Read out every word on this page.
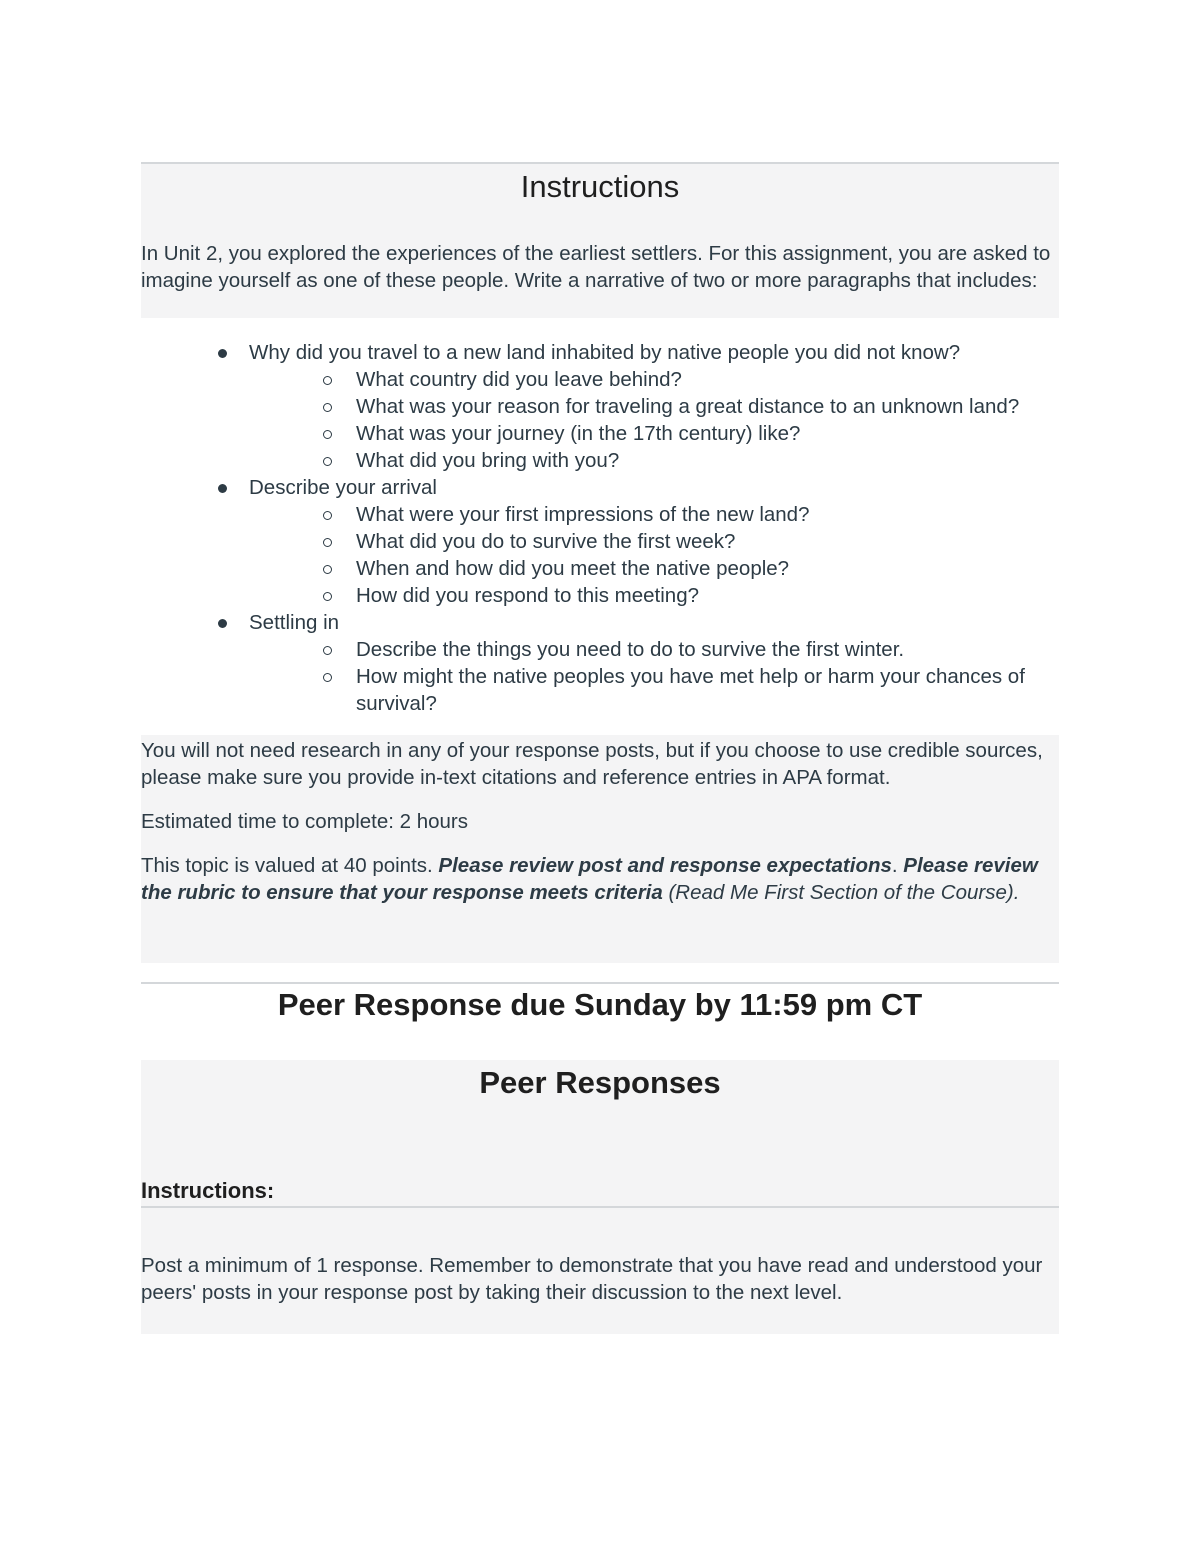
Instructions

In Unit 2, you explored the experiences of the earliest settlers. For this assignment, you are asked to imagine yourself as one of these people. Write a narrative of two or more paragraphs that includes:

Why did you travel to a new land inhabited by native people you did not know?
What country did you leave behind?
What was your reason for traveling a great distance to an unknown land?
What was your journey (in the 17th century) like?
What did you bring with you?
Describe your arrival
What were your first impressions of the new land?
What did you do to survive the first week?
When and how did you meet the native people?
How did you respond to this meeting?
Settling in
Describe the things you need to do to survive the first winter.
How might the native peoples you have met help or harm your chances of survival?

You will not need research in any of your response posts, but if you choose to use credible sources, please make sure you provide in-text citations and reference entries in APA format.

Estimated time to complete: 2 hours

This topic is valued at 40 points. Please review post and response expectations. Please review the rubric to ensure that your response meets criteria (Read Me First Section of the Course).

Peer Response due Sunday by 11:59 pm CT
Peer Responses
Instructions:

Post a minimum of 1 response. Remember to demonstrate that you have read and understood your peers' posts in your response post by taking their discussion to the next level.
